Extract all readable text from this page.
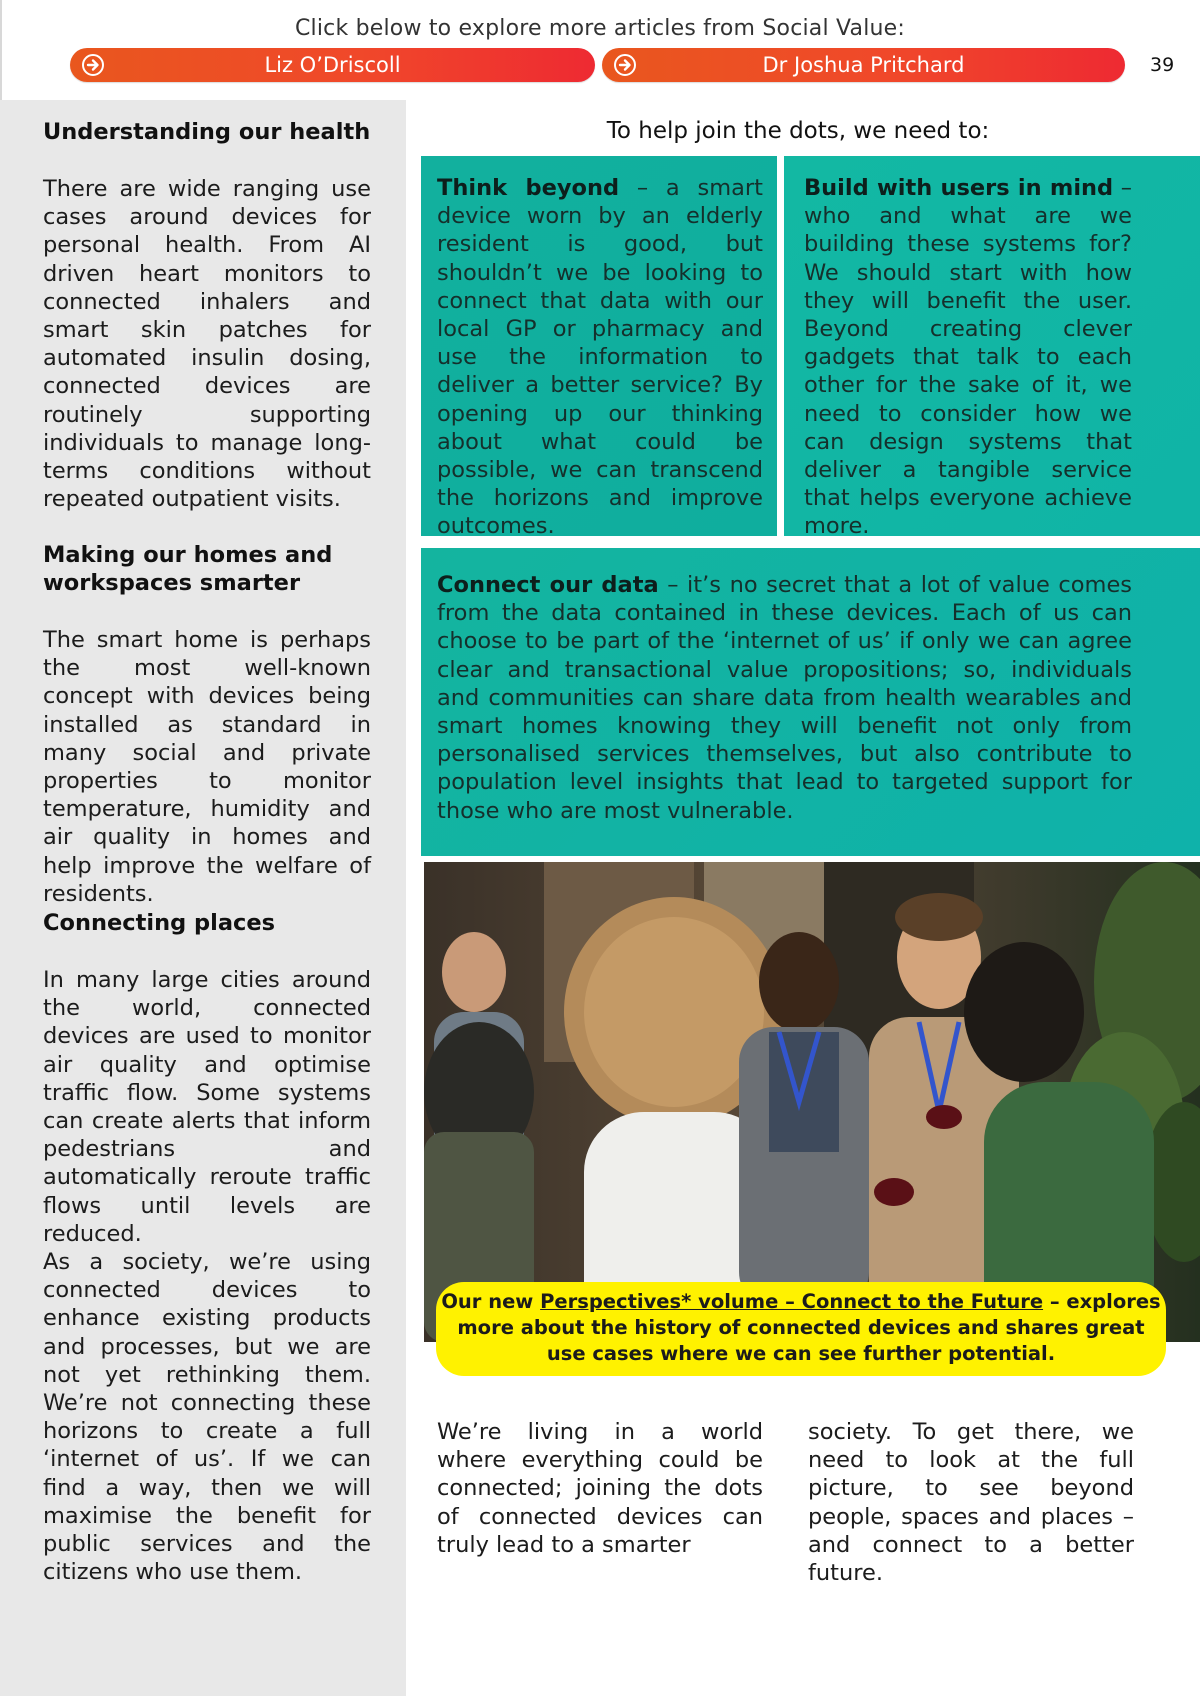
Click below to explore more articles from Social Value:
Liz O’Driscoll	Dr Joshua Pritchard	39
Understanding our health
There are wide ranging use cases around devices for personal health. From AI driven heart monitors to connected inhalers and smart skin patches for automated insulin dosing, connected devices are routinely supporting individuals to manage long-terms conditions without repeated outpatient visits.
Making our homes and workspaces smarter
The smart home is perhaps the most well-known concept with devices being installed as standard in many social and private properties to monitor temperature, humidity and air quality in homes and help improve the welfare of residents.
Connecting places
In many large cities around the world, connected devices are used to monitor air quality and optimise traffic flow. Some systems can create alerts that inform pedestrians and automatically reroute traffic flows until levels are reduced.
As a society, we’re using connected devices to enhance existing products and processes, but we are not yet rethinking them. We’re not connecting these horizons to create a full ‘internet of us’. If we can find a way, then we will maximise the benefit for public services and the citizens who use them.
To help join the dots, we need to:
Think beyond – a smart device worn by an elderly resident is good, but shouldn’t we be looking to connect that data with our local GP or pharmacy and use the information to deliver a better service? By opening up our thinking about what could be possible, we can transcend the horizons and improve outcomes.
Build with users in mind – who and what are we building these systems for? We should start with how they will benefit the user. Beyond creating clever gadgets that talk to each other for the sake of it, we need to consider how we can design systems that deliver a tangible service that helps everyone achieve more.
Connect our data – it’s no secret that a lot of value comes from the data contained in these devices. Each of us can choose to be part of the ‘internet of us’ if only we can agree clear and transactional value propositions; so, individuals and communities can share data from health wearables and smart homes knowing they will benefit not only from personalised services themselves, but also contribute to population level insights that lead to targeted support for those who are most vulnerable.
Our new Perspectives* volume – Connect to the Future – explores more about the history of connected devices and shares great use cases where we can see further potential.
We’re living in a world where everything could be connected; joining the dots of connected devices can truly lead to a smarter
society. To get there, we need to look at the full picture, to see beyond people, spaces and places – and connect to a better future.
